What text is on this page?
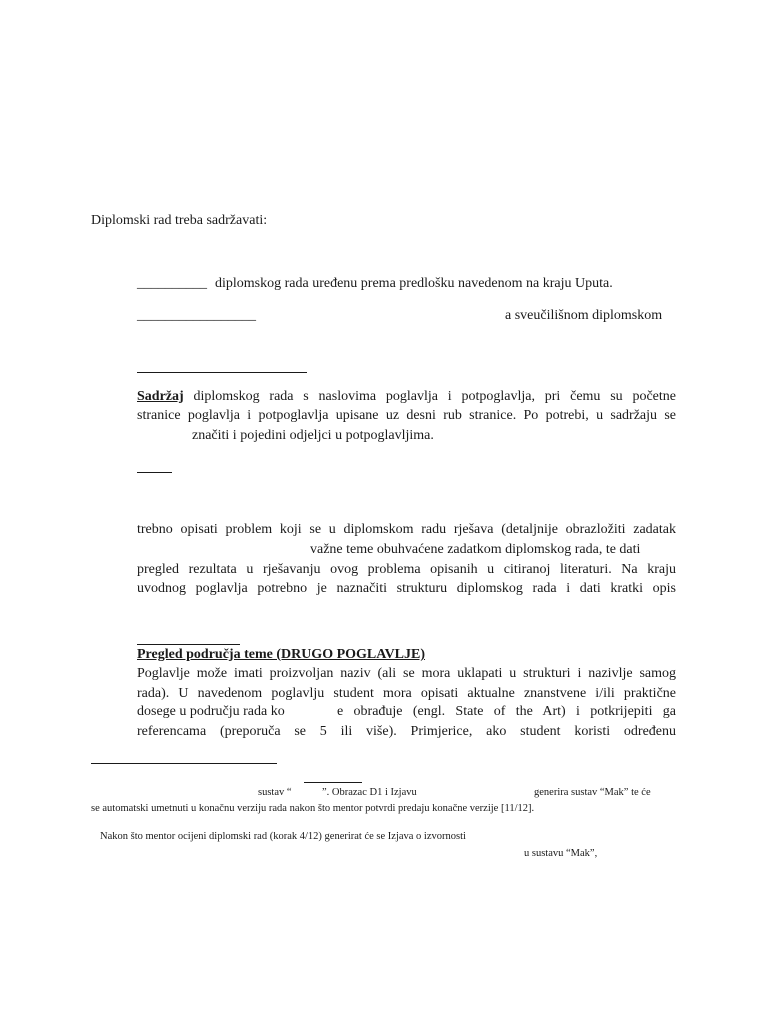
Diplomski rad treba sadržavati:
__________ diplomskog rada uređenu prema predlošku navedenom na kraju Uputa.
_________________	a sveučilišnom diplomskom
Sadržaj diplomskog rada s naslovima poglavlja i potpoglavlja, pri čemu su početne
stranice poglavlja i potpoglavlja upisane uz desni rub stranice. Po potrebi, u sadržaju se
značiti i pojedini odjeljci u potpoglavljima.
trebno opisati problem koji se u diplomskom radu rješava (detaljnije obrazložiti zadatak
važne teme obuhvaćene zadatkom diplomskog rada, te dati
pregled rezultata u rješavanju ovog problema opisanih u citiranoj literaturi. Na kraju
uvodnog poglavlja potrebno je naznačiti strukturu diplomskog rada i dati kratki opis
Pregled područja teme (DRUGO POGLAVLJE)
Poglavlje može imati proizvoljan naziv (ali se mora uklapati u strukturi i nazivlje samog
rada). U navedenom poglavlju student mora opisati aktualne znanstvene i/ili praktične
dosege u području rada ko	e obrađuje (engl. State of the Art) i potkrijepiti ga
referencama (preporuča se 5 ili više). Primjerice, ako student koristi određenu
sustav “	”. Obrazac D1 i Izjavu	generira sustav “Mak” te će
se automatski umetnuti u konačnu verziju rada nakon što mentor potvrdi predaju konačne verzije [11/12].
Nakon što mentor ocijeni diplomski rad (korak 4/12) generirat će se Izjava o izvornosti
u sustavu “Mak”,
